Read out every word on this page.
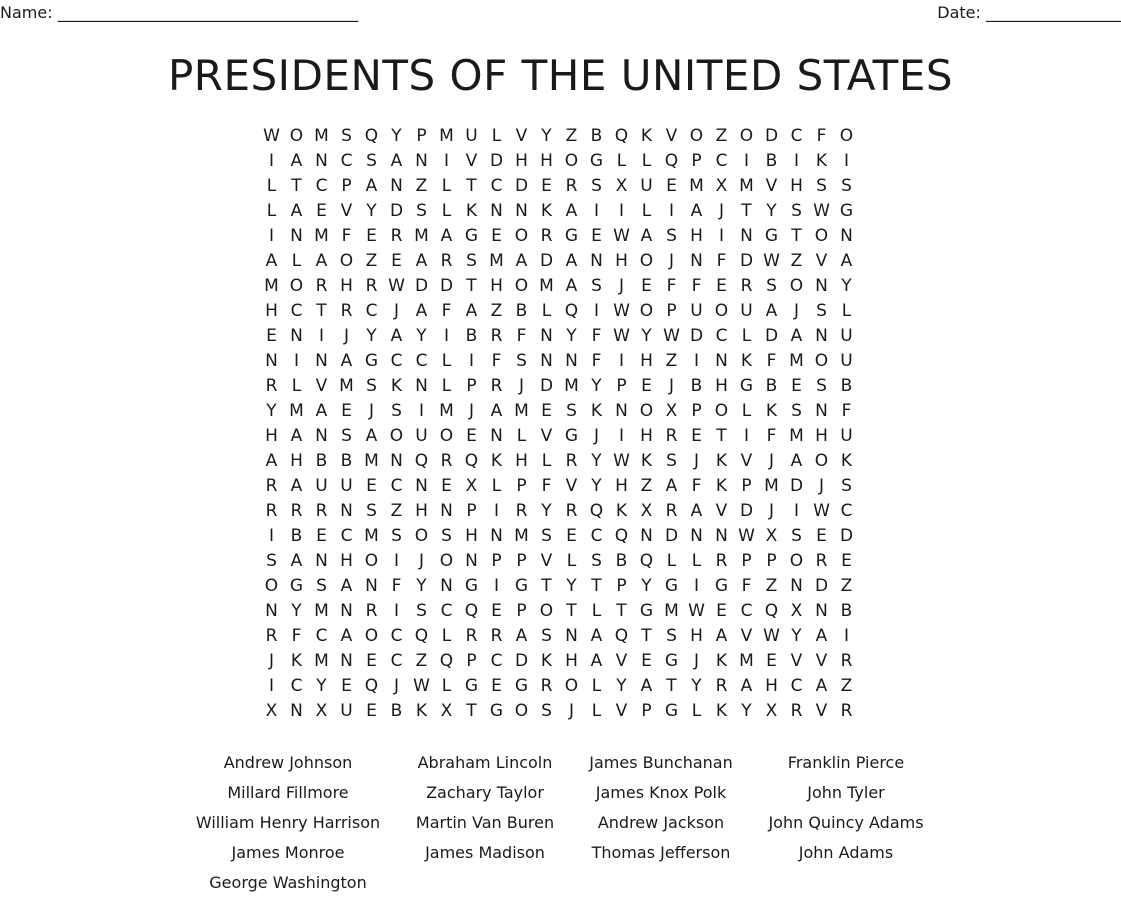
Name: ________________________________________	Date: __________________
PRESIDENTS OF THE UNITED STATES
W O M S Q Y P M U L V Y Z B Q K V O Z O D C F O
I A N C S A N I V D H H O G L L Q P C I B I K I
L T C P A N Z L T C D E R S X U E M X M V H S S
L A E V Y D S L K N N K A I	I	L	I A J	T Y S W G
I N M F E R M A G E O R G E W A S H I N G T O N
A L A O Z E A R S M A D A N H O J N F D W Z V A
M O R H R W D D T H O M A S	J	E F F E R S O N Y
H C T R C J A F A Z B L Q I W O P U O U A J	S L
E N I	J	Y A Y	I B R F N Y F W Y W D C L D A N U
N I N A G C C L	I	F S N N F	I H Z I N K F M O U
R L V M S K N L P R J D M Y P E	J B H G B E S B
Y M A E	J	S	I M J A M E S K N O X P O L K S N F
H A N S A O U O E N L V G J	I H R E T	I	F M H U
A H B B M N Q R Q K H L R Y W K S	J K V J A O K
R A U U E C N E X L P F V Y H Z A F K P M D J	S
R R R N S Z H N P	I R Y R Q K X R A V D J	I W C
I B E C M S O S H N M S E C Q N D N N W X S E D
S A N H O I	J O N P P V L S B Q L L R P P O R E
O G S A N F Y N G I G T Y T P Y G I G F Z N D Z
N Y M N R I	S C Q E P O T L T G M W E C Q X N B
R F C A O C Q L R R A S N A Q T S H A V W Y A I
J K M N E C Z Q P C D K H A V E G J K M E V V R
I C Y E Q J W L G E G R O L Y A T Y R A H C A Z
X N X U E B K X T G O S	J	L V P G L K Y X R V R
Andrew Johnson
Millard Fillmore
William Henry Harrison
James Monroe
George Washington
Abraham Lincoln
Zachary Taylor
Martin Van Buren
James Madison
James Bunchanan
James Knox Polk
Andrew Jackson
Thomas Jefferson
Franklin Pierce
John Tyler
John Quincy Adams
John Adams
